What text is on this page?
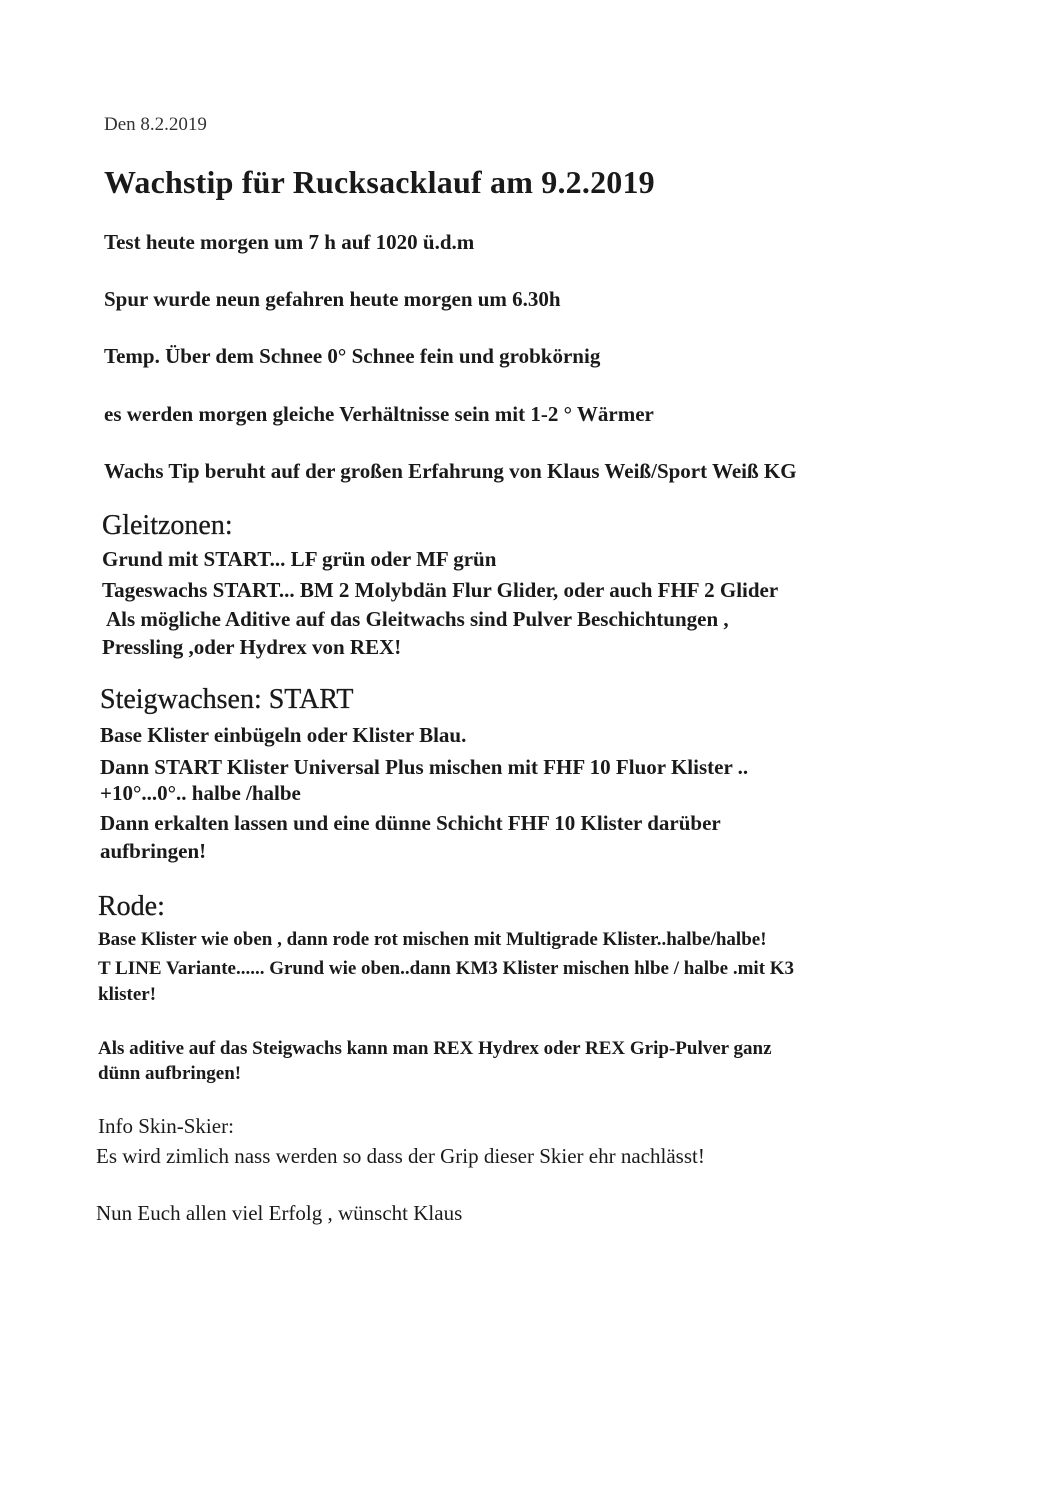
Den 8.2.2019

Wachstip für Rucksacklauf am 9.2.2019

Test heute morgen um 7 h auf 1020 ü.d.m

Spur wurde neun gefahren heute morgen um 6.30h

Temp. Über dem Schnee 0° Schnee fein und grobkörnig

es werden morgen gleiche Verhältnisse sein mit 1-2 ° Wärmer

Wachs Tip beruht auf der großen Erfahrung von Klaus Weiß/Sport Weiß KG

Gleitzonen:

Grund mit START... LF grün oder MF grün

Tageswachs START... BM 2 Molybdän Flur Glider, oder auch FHF 2 Glider

Als mögliche Aditive auf das Gleitwachs sind Pulver Beschichtungen ,

Pressling ,oder Hydrex von REX!

Steigwachsen: START

Base Klister einbügeln oder Klister Blau.

Dann START Klister Universal Plus mischen mit FHF 10 Fluor Klister ..

+10°...0°.. halbe /halbe

Dann erkalten lassen und eine dünne Schicht FHF 10 Klister darüber

aufbringen!

Rode:

Base Klister wie oben , dann rode rot mischen mit Multigrade Klister..halbe/halbe!

T LINE Variante...... Grund wie oben..dann KM3 Klister mischen hlbe / halbe .mit K3

klister!

Als aditive auf das Steigwachs kann man REX Hydrex oder REX Grip-Pulver ganz

dünn aufbringen!

Info Skin-Skier:

Es wird zimlich nass werden so dass der Grip dieser Skier ehr nachlässt!

Nun Euch allen viel Erfolg , wünscht Klaus
